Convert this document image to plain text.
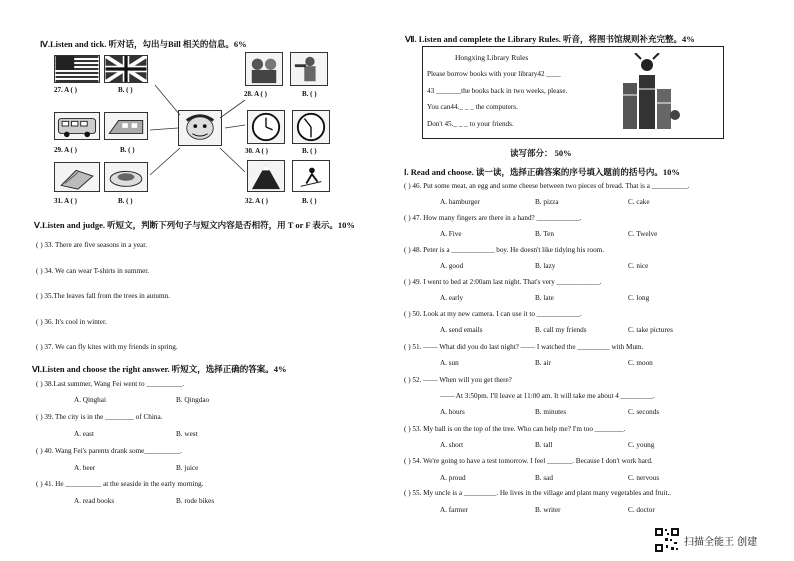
Ⅳ.Listen and tick. 听对话，勾出与Bill 相关的信息。6%
27. A ( )	B. ( )	28. A ( )	B. ( )
29. A ( )	B. ( )	30. A ( )	B. ( )
31. A ( )	B. ( )	32. A ( )	B. ( )
Ⅴ.Listen and judge. 听短文，判断下列句子与短文内容是否相符，用 T or F 表示。10%
( ) 33. There are five seasons in a year.
( ) 34. We can wear T-shirts in summer.
( ) 35.The leaves fall from the trees in autumn.
( ) 36. It's cool in winter.
( ) 37. We can fly kites with my friends in spring.
Ⅵ.Listen and choose the right answer. 听短文，选择正确的答案。4%
( ) 38.Last summer, Wang Fei went to __________.
A. Qinghai	B. Qingdao
( ) 39. The city is in the ________ of China.
A. east	B. west
( ) 40. Wang Fei's parents drank some__________.
A. beer	B. juice
( ) 41. He __________ at the seaside in the early morning.
A. read books	B. rode bikes
Ⅶ. Listen and complete the Library Rules. 听音，将图书馆规则补充完整。4%
Hongxing Library Rules
Please borrow books with your library42 ____
43 _______the books back in two weeks, please.
You can44._ _ _ the computers.
Don't 45._ _ _ to your friends.
读写部分： 50%
Ⅰ. Read and choose. 读一读，选择正确答案的序号填入题前的括号内。10%
( ) 46. Put some meat, an egg and some cheese between two pieces of bread. That is a __________.
A. hamburger	B. pizza	C. cake
( ) 47. How many fingers are there in a hand? ____________.
A. Five	B. Ten	C. Twelve
( ) 48. Peter is a ____________ boy. He doesn't like tidying his room.
A. good	B. lazy	C. nice
( ) 49. I went to bed at 2:00am last night. That's very ____________.
A. early	B. late	C. long
( ) 50. Look at my new camera. I can use it to ____________.
A. send emails	B. call my friends	C. take pictures
( ) 51. —— What did you do last night? —— I watched the _________ with Mum.
A. sun	B. air	C. moon
( ) 52. —— When will you get there?
—— At 3:50pm. I'll leave at 11:00 am. It will take me about 4 _________.
A. hours	B. minutes	C. seconds
( ) 53. My ball is on the top of the tree. Who can help me? I'm too ________.
A. short	B. tall	C. young
( ) 54. We're going to have a test tomorrow. I feel _______. Because I don't work hard.
A. proud	B. sad	C. nervous
( ) 55. My uncle is a _________. He lives in the village and plant many vegetables and fruit..
A. farmer	B. writer	C. doctor
扫描全能王 创建
